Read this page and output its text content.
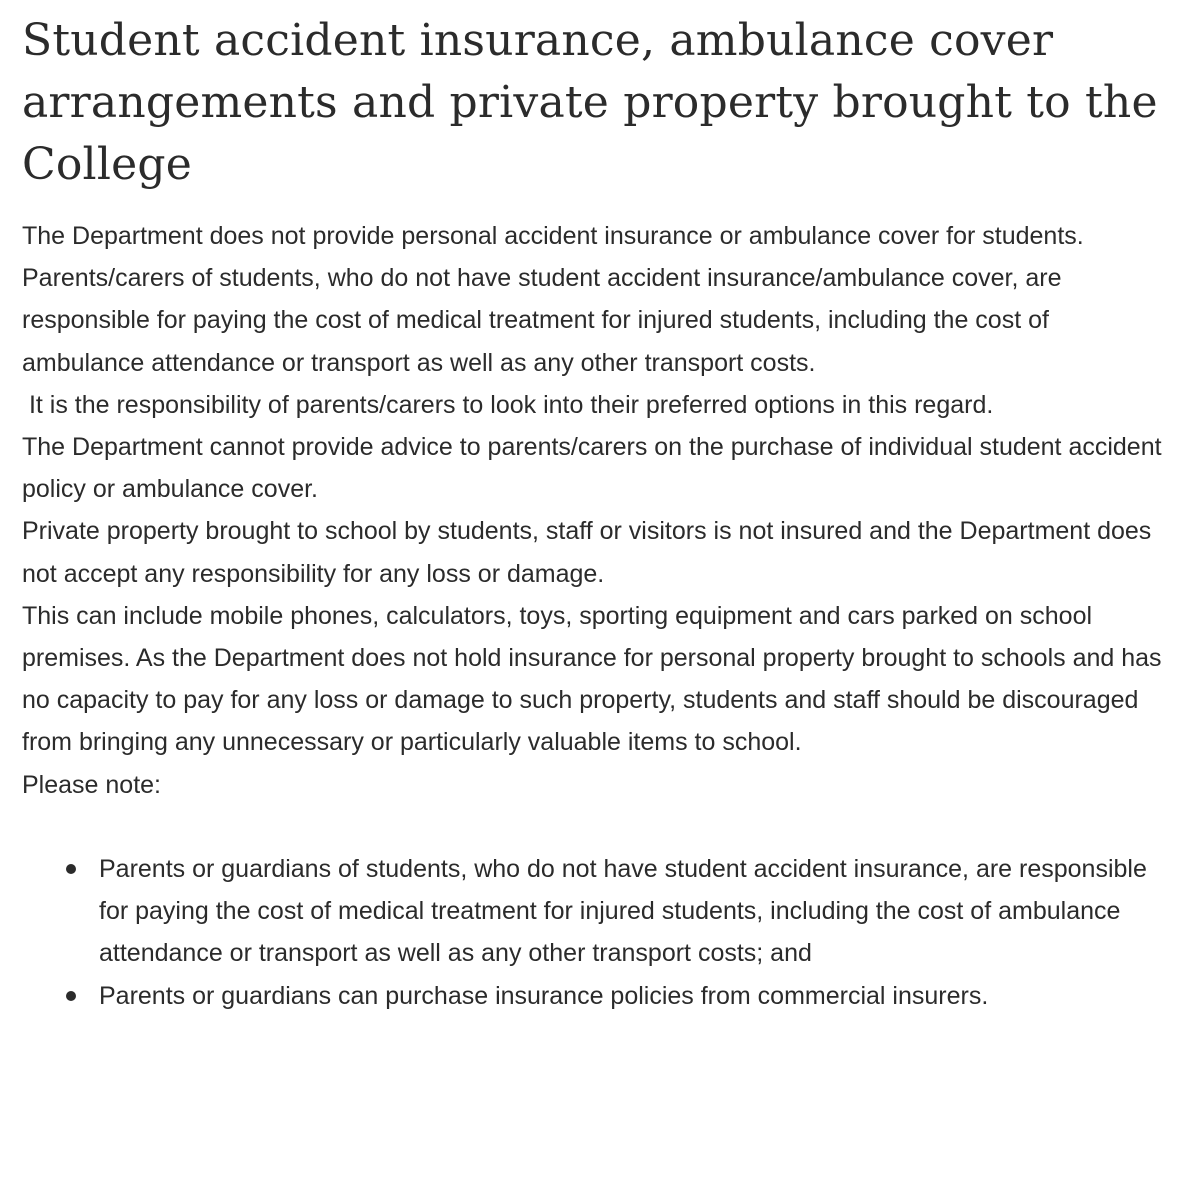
Student accident insurance, ambulance cover arrangements and private property brought to the College

The Department does not provide personal accident insurance or ambulance cover for students.

Parents/carers of students, who do not have student accident insurance/ambulance cover, are responsible for paying the cost of medical treatment for injured students, including the cost of ambulance attendance or transport as well as any other transport costs.

It is the responsibility of parents/carers to look into their preferred options in this regard.

The Department cannot provide advice to parents/carers on the purchase of individual student accident policy or ambulance cover.

Private property brought to school by students, staff or visitors is not insured and the Department does not accept any responsibility for any loss or damage.

This can include mobile phones, calculators, toys, sporting equipment and cars parked on school premises. As the Department does not hold insurance for personal property brought to schools and has no capacity to pay for any loss or damage to such property, students and staff should be discouraged from bringing any unnecessary or particularly valuable items to school.

Please note:

Parents or guardians of students, who do not have student accident insurance, are responsible for paying the cost of medical treatment for injured students, including the cost of ambulance attendance or transport as well as any other transport costs; and
Parents or guardians can purchase insurance policies from commercial insurers.
